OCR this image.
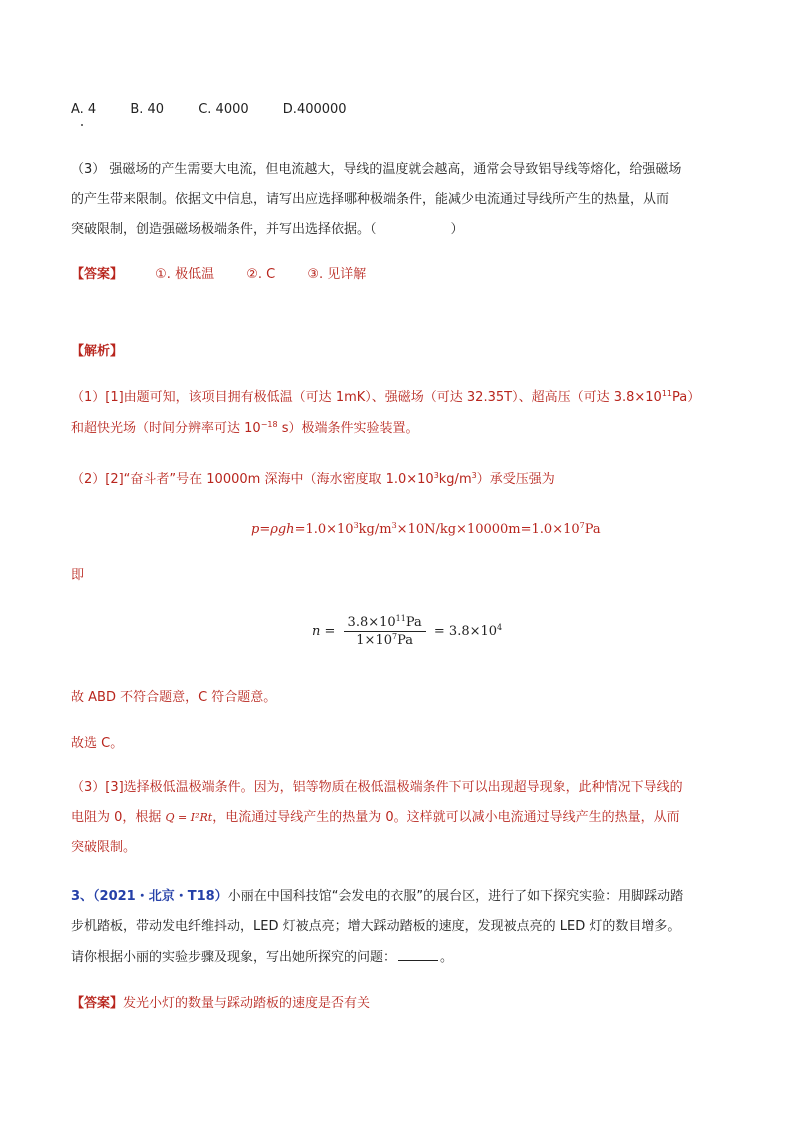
A. 4	B. 40	C. 4000	D.400000
（3） 强磁场的产生需要大电流，但电流越大，导线的温度就会越高，通常会导致铝导线等熔化，给强磁场
的产生带来限制。依据文中信息，请写出应选择哪种极端条件，能减少电流通过导线所产生的热量，从而
突破限制，创造强磁场极端条件，并写出选择依据。（	）
【答案】 ①. 极低温 ②. C ③. 见详解
【解析】
（1）[1]由题可知，该项目拥有极低温（可达 1mK）、强磁场（可达 32.35T）、超高压（可达 $3.8\times 10^{11}Pa$）
和超快光场（时间分辨率可达 $10^{-18}$ s）极端条件实验装置。
（2）[2]“奋斗者”号在 10000m 深海中（海水密度取 $1.0\times 10^3kg/m^3$）承受压强为
$p=\rho gh=1.0\times 10^3kg/m^3\times 10N/kg\times 10000m=1.0\times 10^7Pa$
即
$n = \frac{3.8\times 10^{11}Pa}{1\times 10^7Pa} = 3.8\times 10^4$
故 ABD 不符合题意，C 符合题意。
故选 C。
（3）[3]选择极低温极端条件。因为，铝等物质在极低温极端条件下可以出现超导现象，此种情况下导线的
电阻为 0，根据 Q = I²Rt，电流通过导线产生的热量为 0。这样就可以减小电流通过导线产生的热量，从而
突破限制。
3、（2021・北京・T18）小丽在中国科技馆“会发电的衣服”的展台区，进行了如下探究实验：用脚踩动踏
步机踏板，带动发电纤维抖动，LED 灯被点亮；增大踩动踏板的速度，发现被点亮的 LED 灯的数目增多。
请你根据小丽的实验步骤及现象，写出她所探究的问题：	。
【答案】发光小灯的数量与踩动踏板的速度是否有关
